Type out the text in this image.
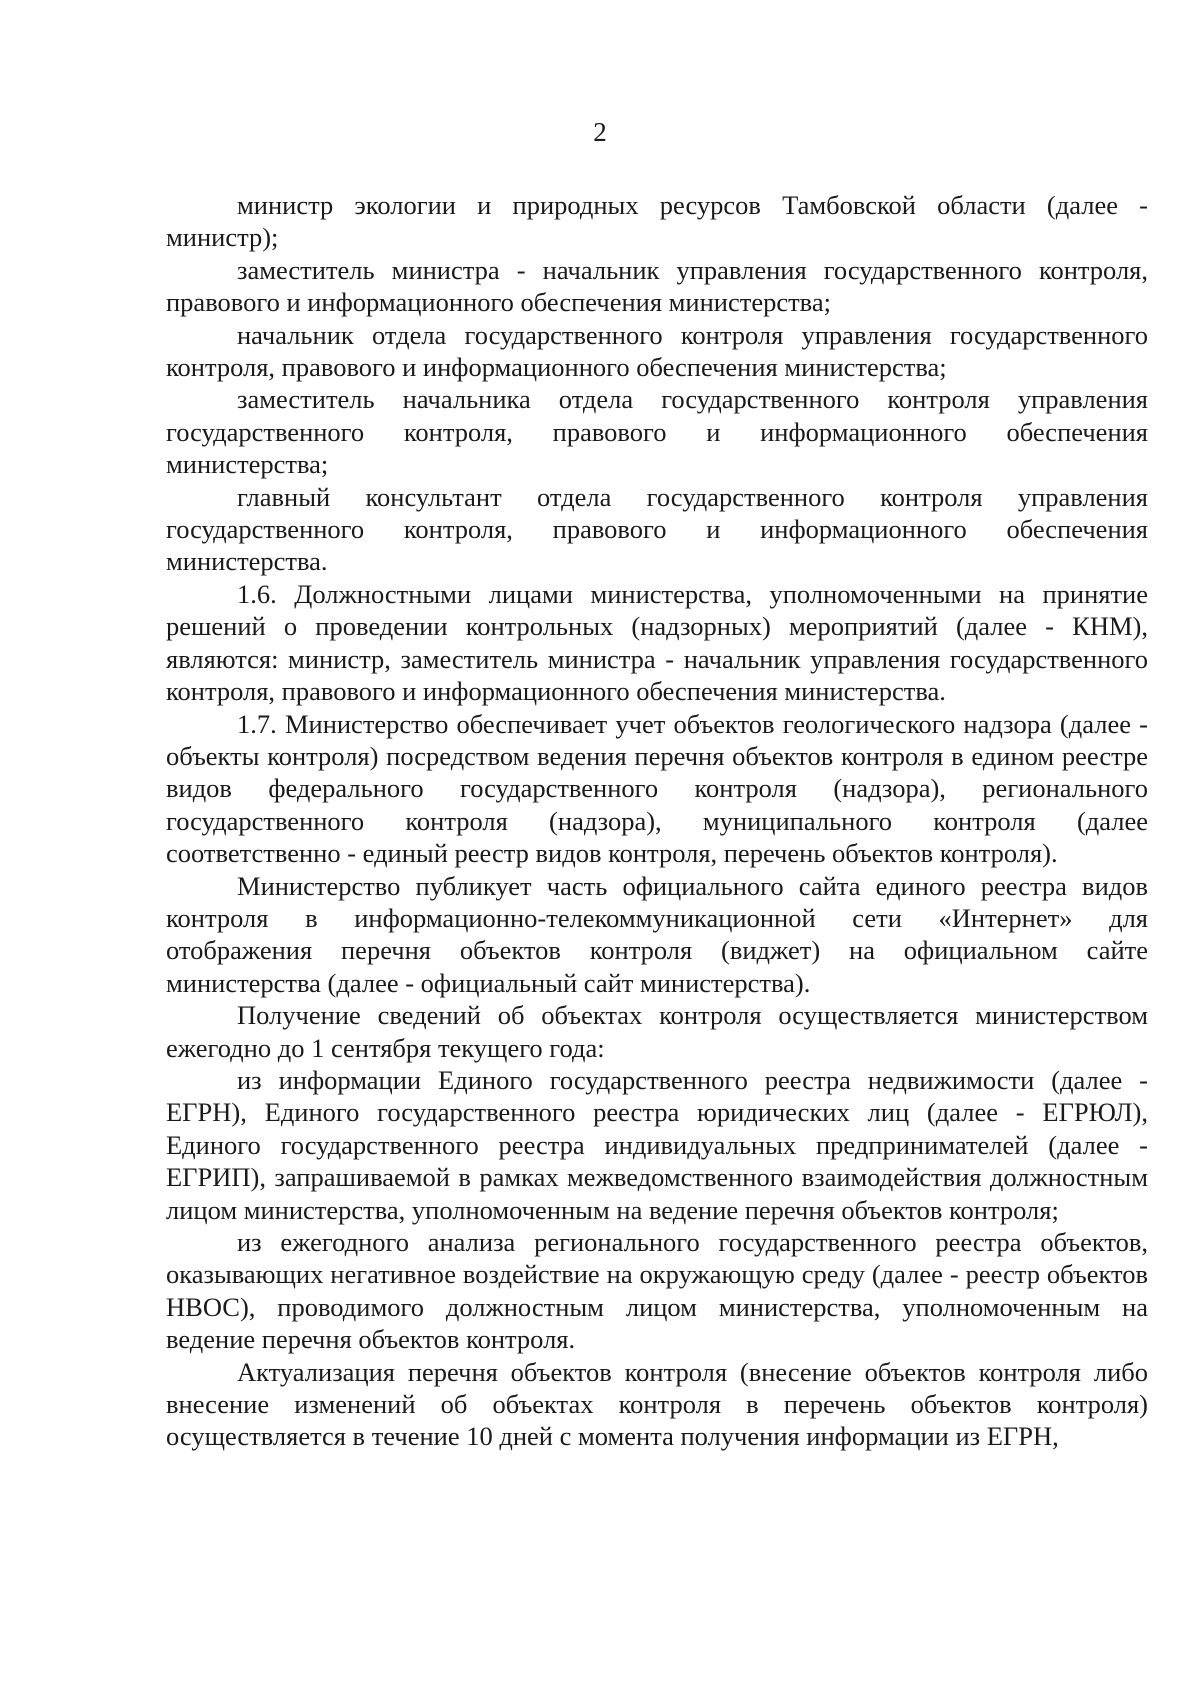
2

министр экологии и природных ресурсов Тамбовской области (далее - министр);

заместитель министра - начальник управления государственного контроля, правового и информационного обеспечения министерства;

начальник отдела государственного контроля управления государственного контроля, правового и информационного обеспечения министерства;

заместитель начальника отдела государственного контроля управления государственного контроля, правового и информационного обеспечения министерства;

главный консультант отдела государственного контроля управления государственного контроля, правового и информационного обеспечения министерства.

1.6. Должностными лицами министерства, уполномоченными на принятие решений о проведении контрольных (надзорных) мероприятий (далее - КНМ), являются: министр, заместитель министра - начальник управления государственного контроля, правового и информационного обеспечения министерства.

1.7. Министерство обеспечивает учет объектов геологического надзора (далее - объекты контроля) посредством ведения перечня объектов контроля в едином реестре видов федерального государственного контроля (надзора), регионального государственного контроля (надзора), муниципального контроля (далее соответственно - единый реестр видов контроля, перечень объектов контроля).

Министерство публикует часть официального сайта единого реестра видов контроля в информационно-телекоммуникационной сети «Интернет» для отображения перечня объектов контроля (виджет) на официальном сайте министерства (далее - официальный сайт министерства).

Получение сведений об объектах контроля осуществляется министерством ежегодно до 1 сентября текущего года:

из информации Единого государственного реестра недвижимости (далее - ЕГРН), Единого государственного реестра юридических лиц (далее - ЕГРЮЛ), Единого государственного реестра индивидуальных предпринимателей (далее - ЕГРИП), запрашиваемой в рамках межведомственного взаимодействия должностным лицом министерства, уполномоченным на ведение перечня объектов контроля;

из ежегодного анализа регионального государственного реестра объектов, оказывающих негативное воздействие на окружающую среду (далее - реестр объектов НВОС), проводимого должностным лицом министерства, уполномоченным на ведение перечня объектов контроля.

Актуализация перечня объектов контроля (внесение объектов контроля либо внесение изменений об объектах контроля в перечень объектов контроля) осуществляется в течение 10 дней с момента получения информации из ЕГРН,
